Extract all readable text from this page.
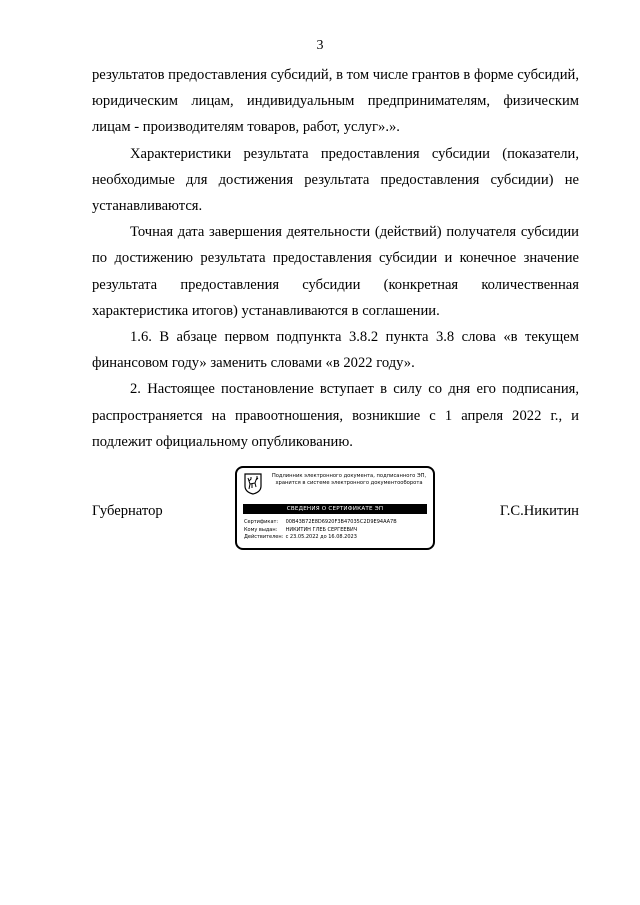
3

результатов предоставления субсидий, в том числе грантов в форме субсидий, юридическим лицам, индивидуальным предпринимателям, физическим лицам - производителям товаров, работ, услуг».».

Характеристики результата предоставления субсидии (показатели, необходимые для достижения результата предоставления субсидии) не устанавливаются.

Точная дата завершения деятельности (действий) получателя субсидии по достижению результата предоставления субсидии и конечное значение результата предоставления субсидии (конкретная количественная характеристика итогов) устанавливаются в соглашении.

1.6. В абзаце первом подпункта 3.8.2 пункта 3.8 слова «в текущем финансовом году» заменить словами «в 2022 году».

2. Настоящее постановление вступает в силу со дня его подписания, распространяется на правоотношения, возникшие с 1 апреля 2022 г., и подлежит официальному опубликованию.

Губернатор
Подлинник электронного документа, подписанного ЭП, хранится в системе электронного документооборота
СВЕДЕНИЯ О СЕРТИФИКАТЕ ЭП
Сертификат: 00B43B72E8D6920F3B47035C2D9E94AA7B
Кому выдан: НИКИТИН ГЛЕБ СЕРГЕЕВИЧ
Действителен: с 23.05.2022 до 16.08.2023
Г.С.Никитин
